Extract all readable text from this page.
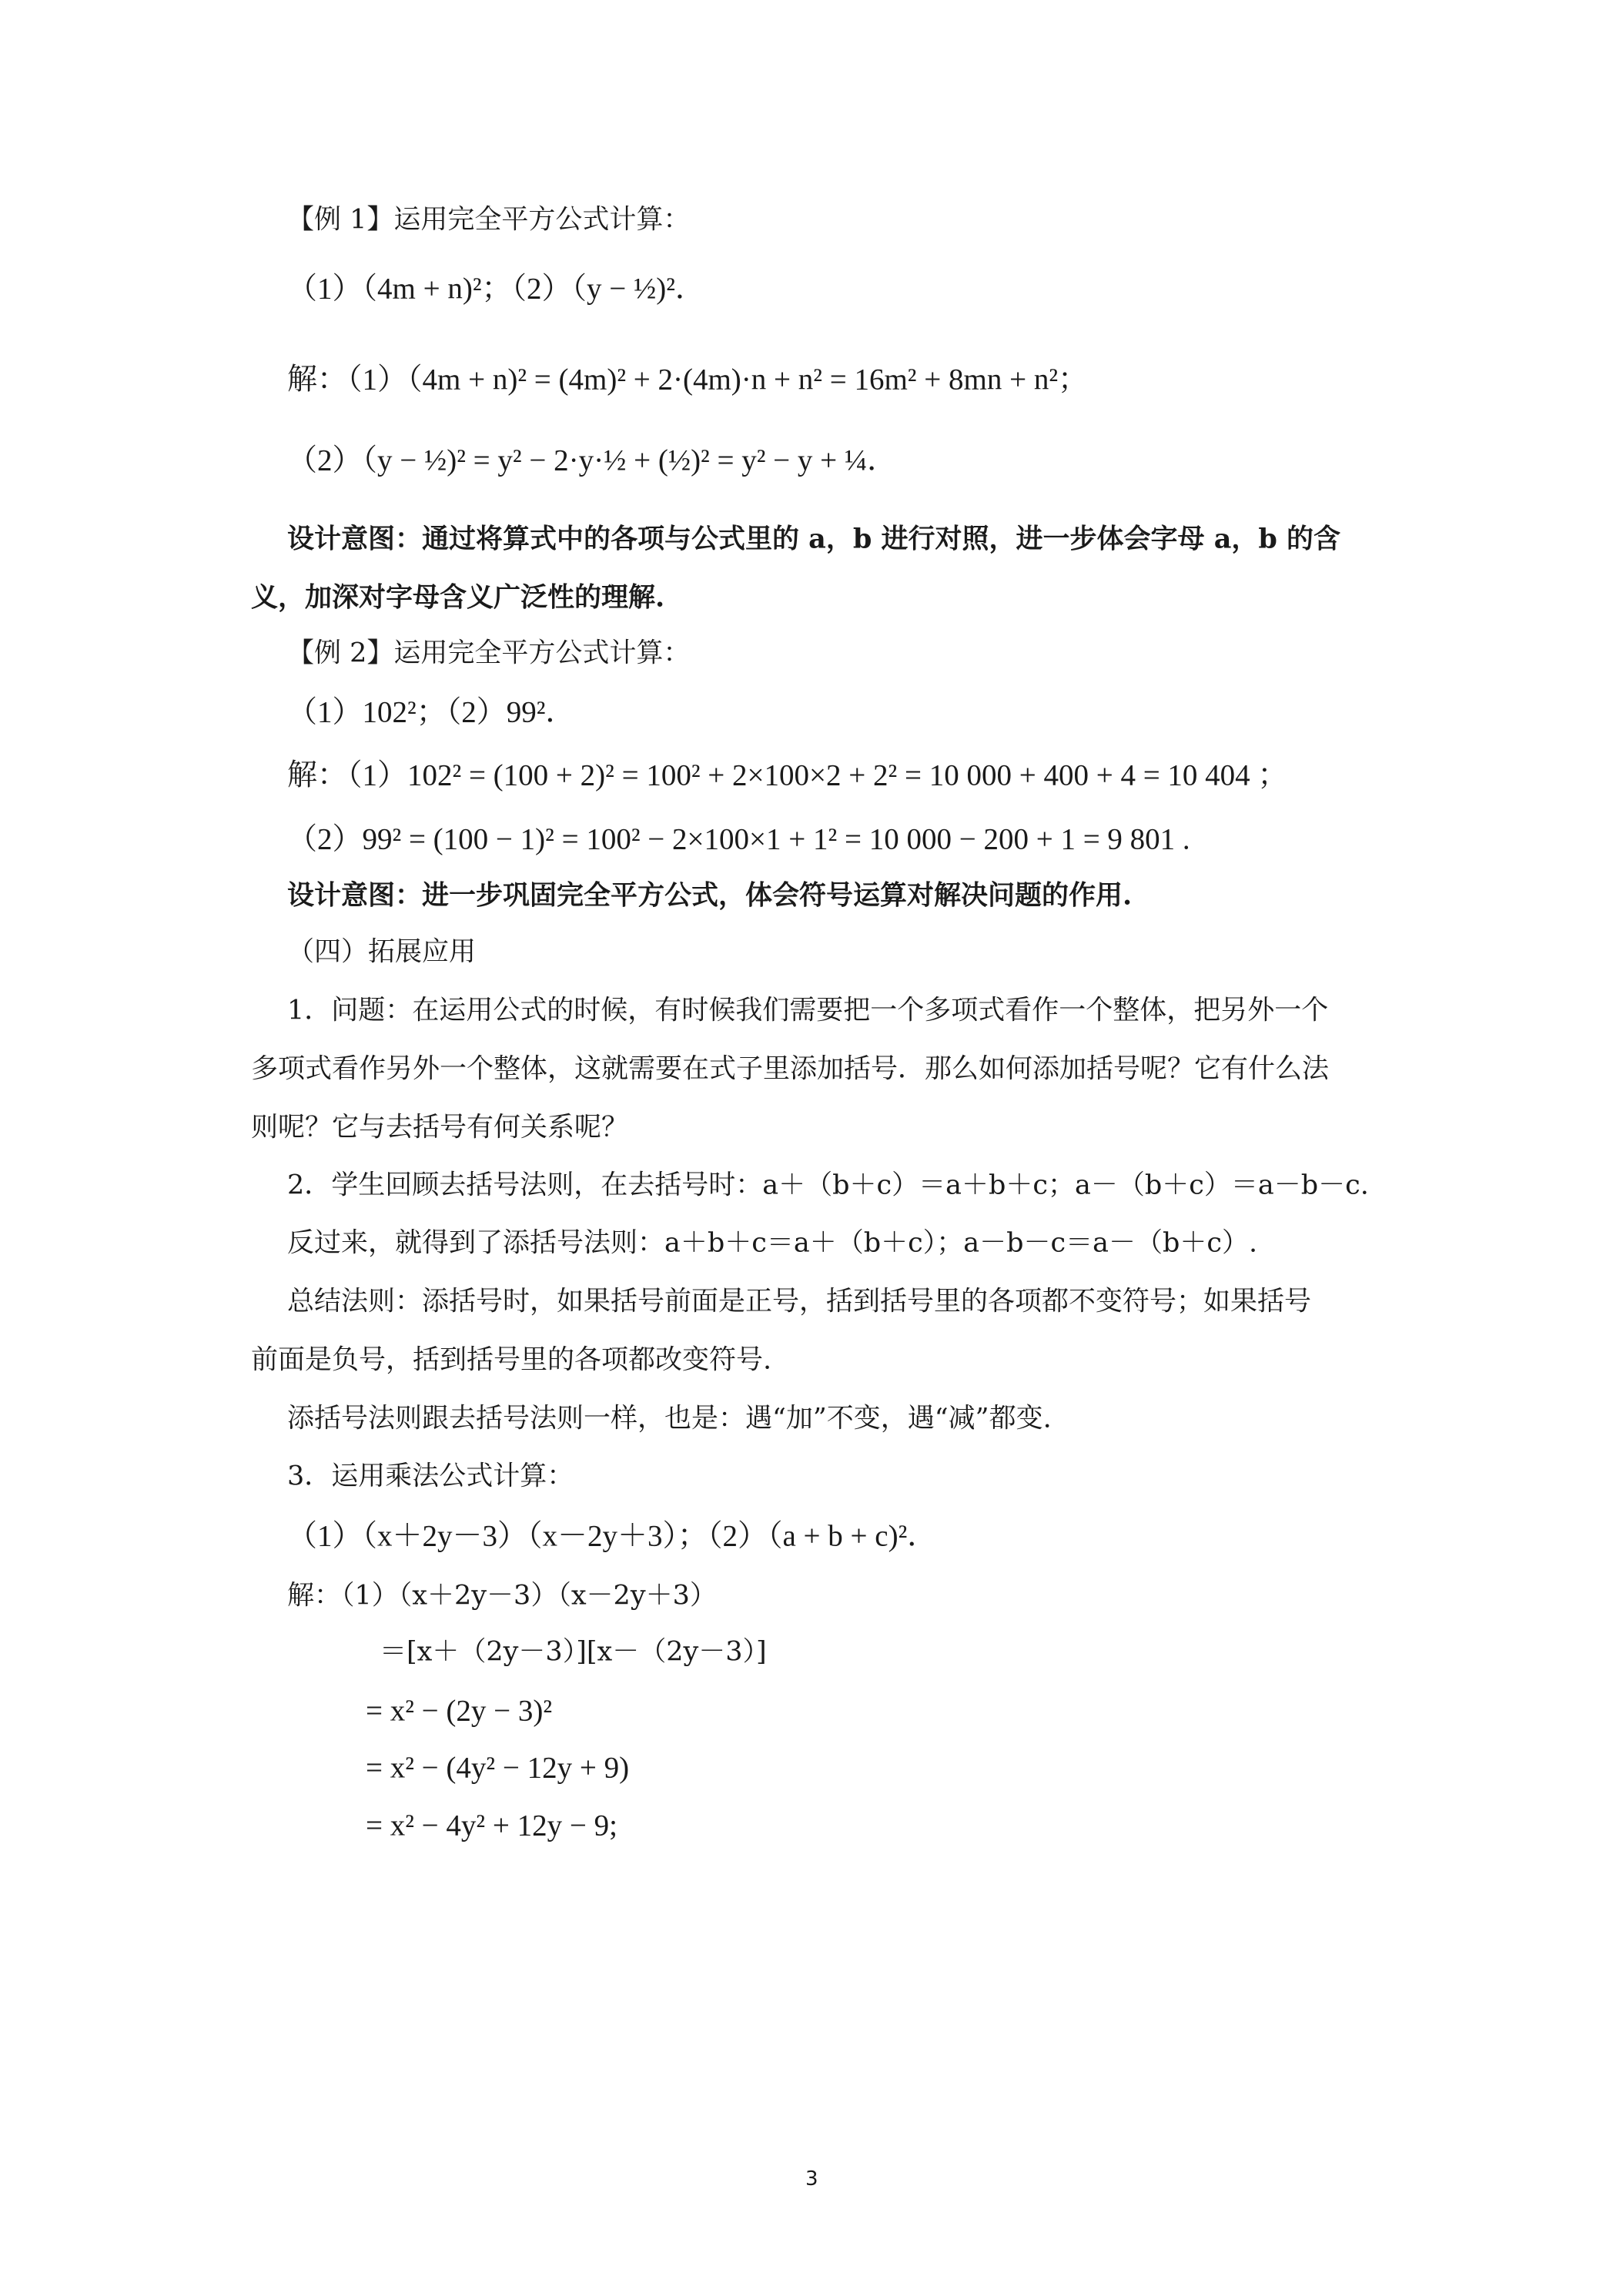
【例 1】运用完全平方公式计算：
（1）（4m + n)²；（2）（y − ½)²．
解：（1）（4m + n)² = (4m)² + 2·(4m)·n + n² = 16m² + 8mn + n²；
（2）（y − ½)² = y² − 2·y·½ + (½)² = y² − y + ¼．
设计意图：通过将算式中的各项与公式里的 a，b 进行对照，进一步体会字母 a，b 的含
义，加深对字母含义广泛性的理解.
【例 2】运用完全平方公式计算：
（1）102²；（2）99²．
解：（1）102² = (100 + 2)² = 100² + 2×100×2 + 2² = 10 000 + 400 + 4 = 10 404 ；
（2）99² = (100 − 1)² = 100² − 2×100×1 + 1² = 10 000 − 200 + 1 = 9 801 .
设计意图：进一步巩固完全平方公式，体会符号运算对解决问题的作用.
（四）拓展应用
1．问题：在运用公式的时候，有时候我们需要把一个多项式看作一个整体，把另外一个
多项式看作另外一个整体，这就需要在式子里添加括号．那么如何添加括号呢？它有什么法
则呢？它与去括号有何关系呢？
2．学生回顾去括号法则，在去括号时：a＋（b＋c）＝a＋b＋c；a－（b＋c）＝a－b－c.
反过来，就得到了添括号法则：a＋b＋c＝a＋（b＋c）；a－b－c＝a－（b＋c）.
总结法则：添括号时，如果括号前面是正号，括到括号里的各项都不变符号；如果括号
前面是负号，括到括号里的各项都改变符号.
添括号法则跟去括号法则一样，也是：遇“加”不变，遇“减”都变.
3．运用乘法公式计算：
（1）（x＋2y－3）（x－2y＋3）；（2）（a + b + c)²．
解：（1）（x＋2y－3）（x－2y＋3）
＝[x＋（2y－3）][x－（2y－3）]
= x² − (2y − 3)²
= x² − (4y² − 12y + 9)
= x² − 4y² + 12y − 9;
3
